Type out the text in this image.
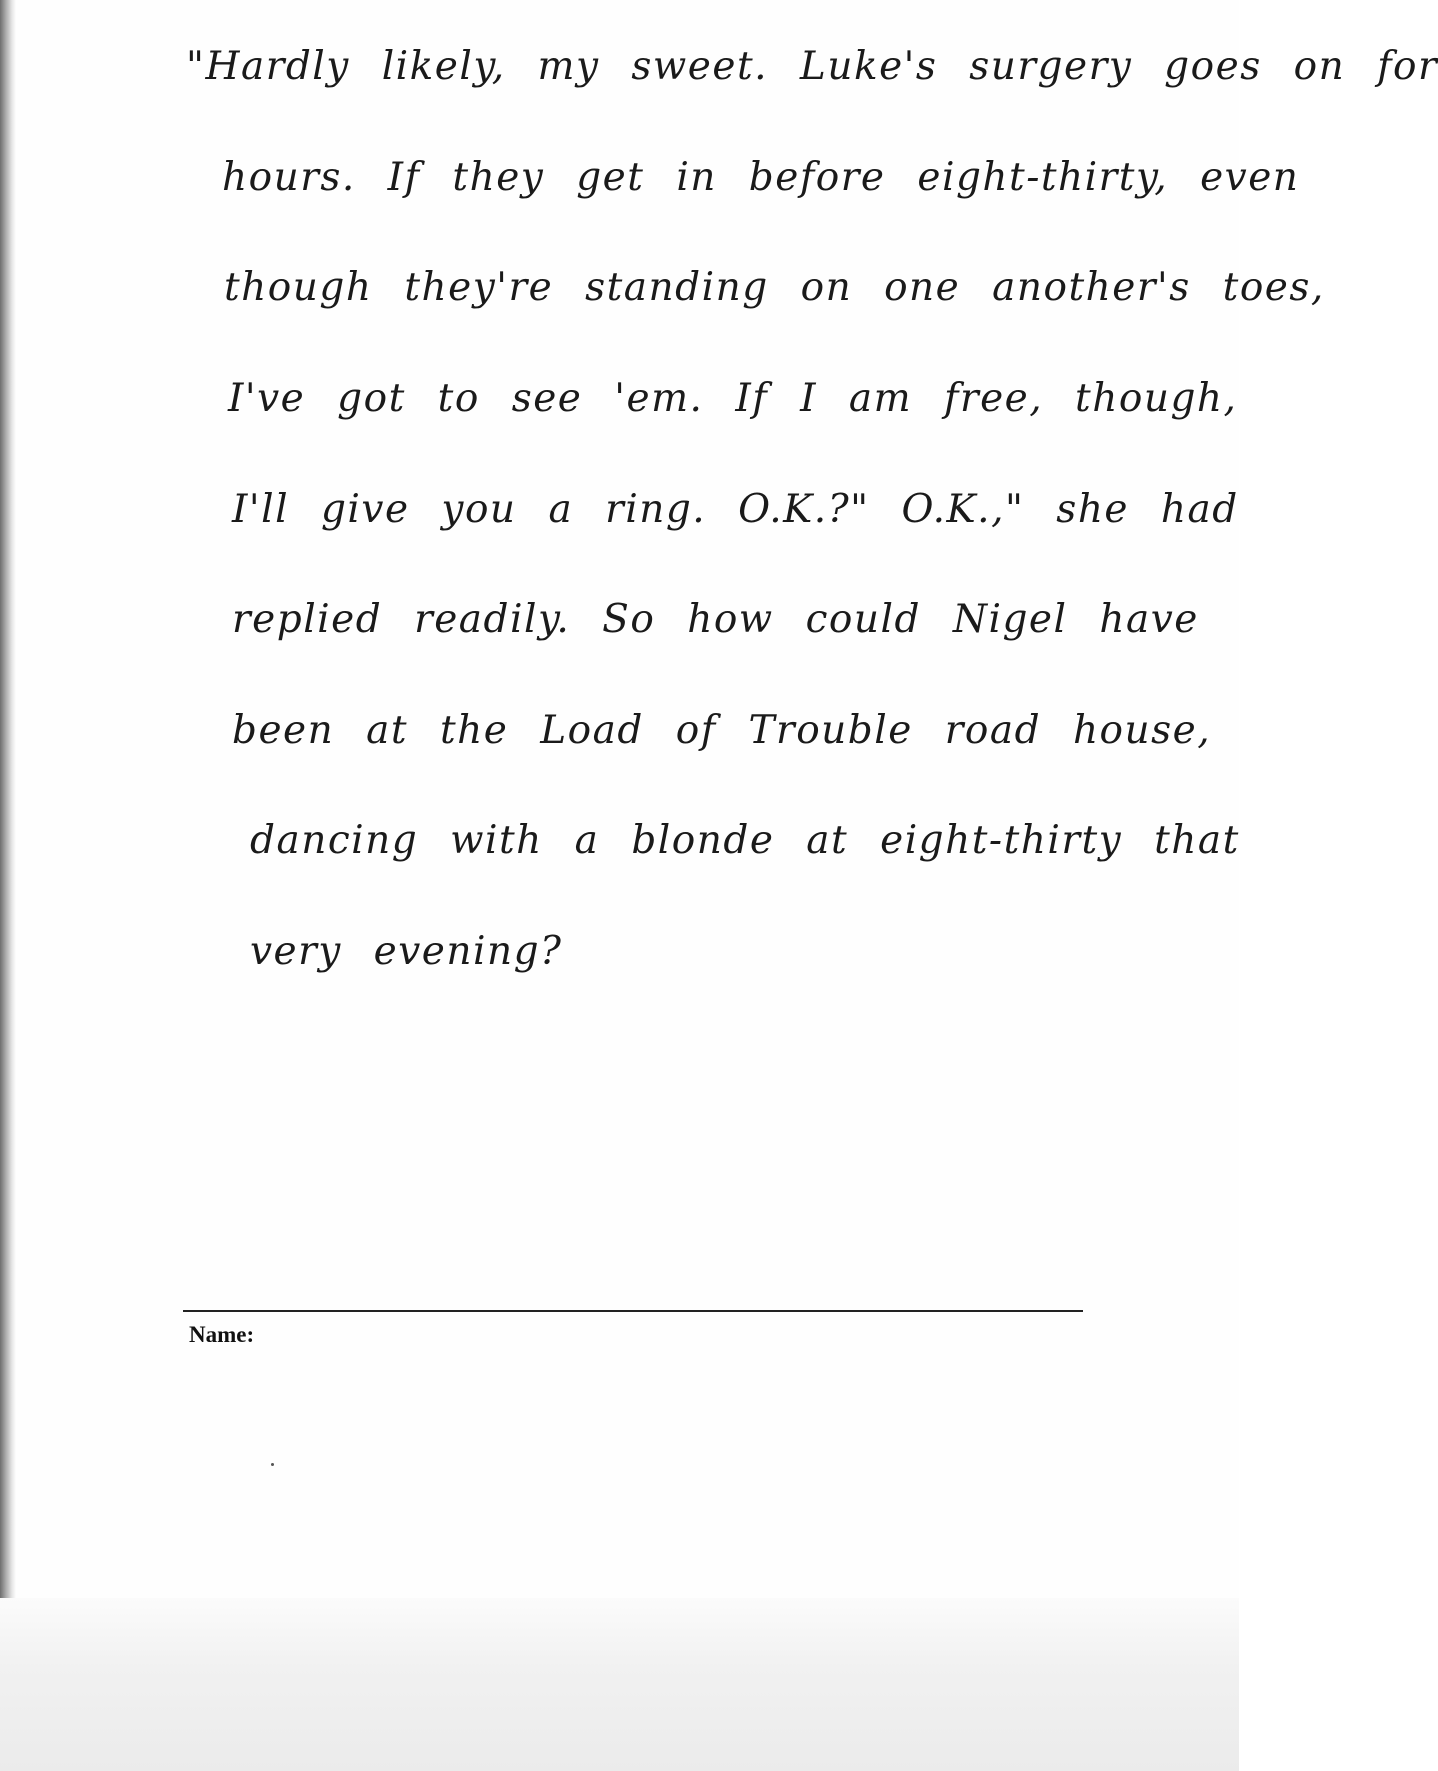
"Hardly likely, my sweet. Luke's surgery goes on for

hours. If they get in before eight-thirty, even

though they're standing on one another's toes,

I've got to see 'em. If I am free, though,

I'll give you a ring. O.K.?" O.K.," she had

replied readily. So how could Nigel have

been at the Load of Trouble road house,

dancing with a blonde at eight-thirty that

very evening?

Name:
